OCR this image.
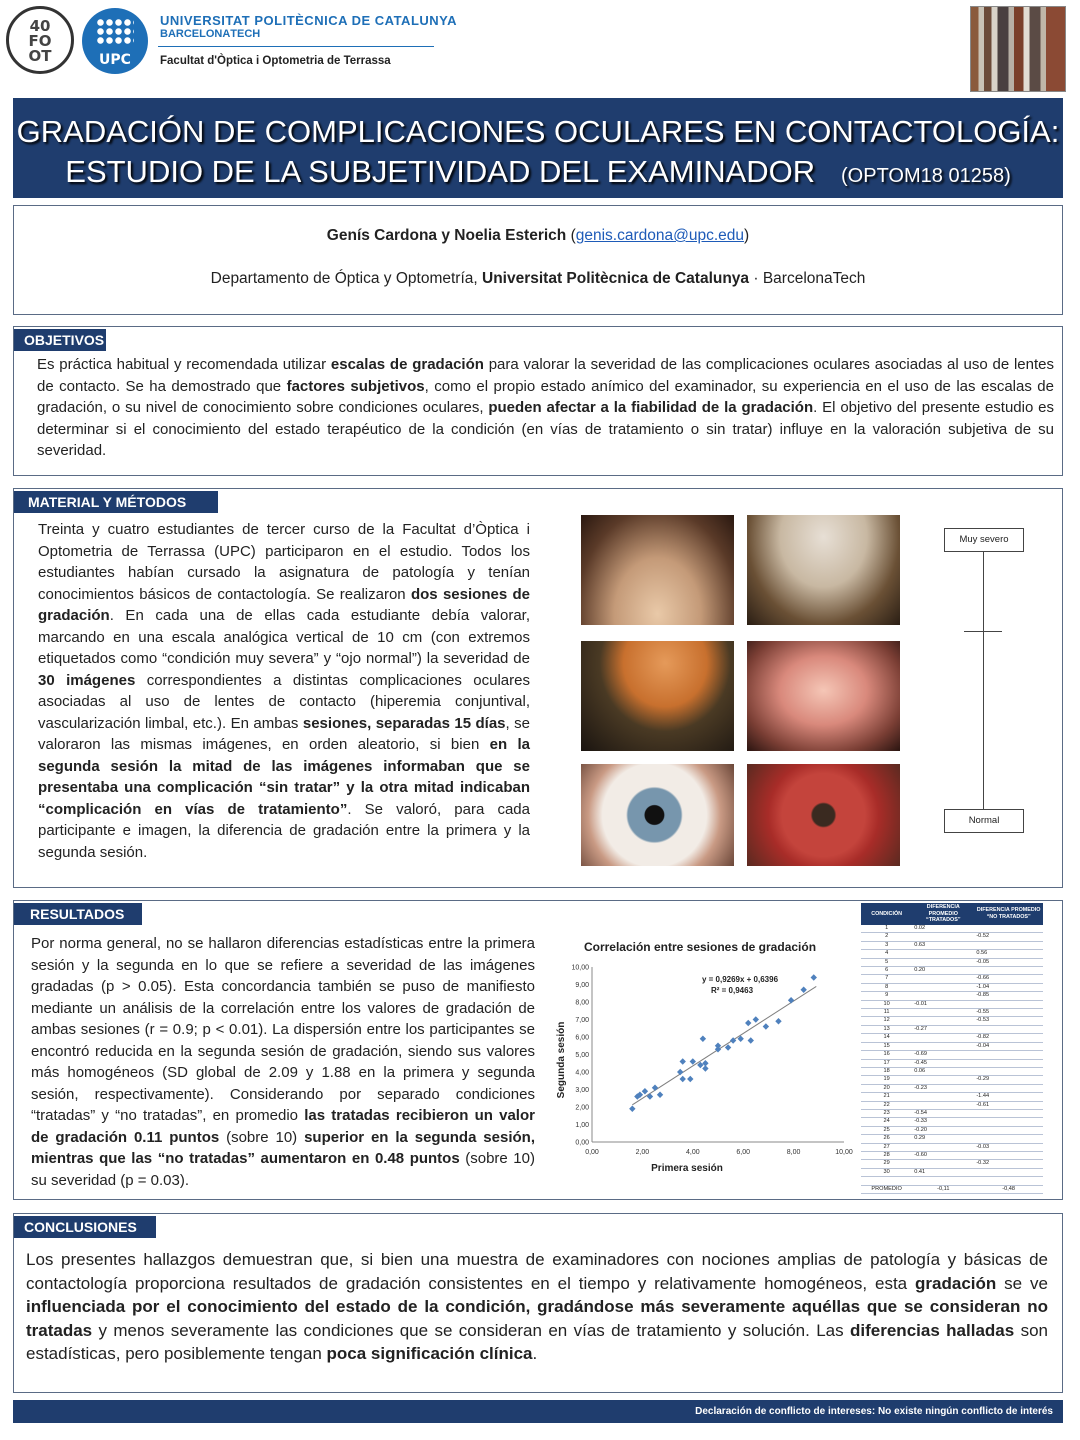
40
FO
OT	UPC
UNIVERSITAT POLITÈCNICA DE CATALUNYA
BARCELONATECH
Facultat d'Òptica i Optometria de Terrassa
GRADACIÓN DE COMPLICACIONES OCULARES EN CONTACTOLOGÍA:
ESTUDIO DE LA SUBJETIVIDAD DEL EXAMINADOR (OPTOM18 01258)
Genís Cardona y Noelia Esterich (genis.cardona@upc.edu)
Departamento de Óptica y Optometría, Universitat Politècnica de Catalunya · BarcelonaTech
OBJETIVOS
Es práctica habitual y recomendada utilizar escalas de gradación para valorar la severidad de las complicaciones oculares asociadas al uso de lentes de contacto. Se ha demostrado que factores subjetivos, como el propio estado anímico del examinador, su experiencia en el uso de las escalas de gradación, o su nivel de conocimiento sobre condiciones oculares, pueden afectar a la fiabilidad de la gradación. El objetivo del presente estudio es determinar si el conocimiento del estado terapéutico de la condición (en vías de tratamiento o sin tratar) influye en la valoración subjetiva de su severidad.
MATERIAL Y MÉTODOS
Treinta y cuatro estudiantes de tercer curso de la Facultat d’Òptica i Optometria de Terrassa (UPC) participaron en el estudio. Todos los estudiantes habían cursado la asignatura de patología y tenían conocimientos básicos de contactología. Se realizaron dos sesiones de gradación. En cada una de ellas cada estudiante debía valorar, marcando en una escala analógica vertical de 10 cm (con extremos etiquetados como “condición muy severa” y “ojo normal”) la severidad de 30 imágenes correspondientes a distintas complicaciones oculares asociadas al uso de lentes de contacto (hiperemia conjuntival, vascularización limbal, etc.). En ambas sesiones, separadas 15 días, se valoraron las mismas imágenes, en orden aleatorio, si bien en la segunda sesión la mitad de las imágenes informaban que se presentaba una complicación “sin tratar” y la otra mitad indicaban “complicación en vías de tratamiento”. Se valoró, para cada participante e imagen, la diferencia de gradación entre la primera y la segunda sesión.
Muy severo
Normal
RESULTADOS
Por norma general, no se hallaron diferencias estadísticas entre la primera sesión y la segunda en lo que se refiere a severidad de las imágenes gradadas (p > 0.05). Esta concordancia también se puso de manifiesto mediante un análisis de la correlación entre los valores de gradación de ambas sesiones (r = 0.9; p < 0.01). La dispersión entre los participantes se encontró reducida en la segunda sesión de gradación, siendo sus valores más homogéneos (SD global de 2.09 y 1.88 en la primera y segunda sesión, respectivamente). Considerando por separado condiciones “tratadas” y “no tratadas”, en promedio las tratadas recibieron un valor de gradación 0.11 puntos (sobre 10) superior en la segunda sesión, mientras que las “no tratadas” aumentaron en 0.48 puntos (sobre 10) su severidad (p = 0.03).
Correlación entre sesiones de gradación
Primera sesión
Segunda sesión
0,00	2,00	4,00	6,00	8,00	10,00
0,00
1,00
2,00
3,00
4,00
5,00
6,00
7,00
8,00
9,00
10,00
y = 0,9269x + 0,6396
R² = 0,9463
CONDICIÓN	DIFERENCIA PROMEDIO “TRATADOS”	DIFERENCIA PROMEDIO “NO TRATADOS”
1	0.02	
2		-0.52
3	0.63	
4		0.56
5		-0.05
6	0.20	
7		-0.66
8		-1.04
9		-0.85
10	-0.01	
11		-0.55
12		-0.53
13	-0.27	
14		-0.82
15		-0.04
16	-0.69	
17	-0.45	
18	0.06	
19		-0.29
20	-0.23	
21		-1.44
22		-0.61
23	-0.54	
24	-0.33	
25	-0.20	
26	0.29	
27		-0.03
28	-0.60	
29		-0.32
30	0.41	

PROMEDIO	-0,11	-0,48
CONCLUSIONES
Los presentes hallazgos demuestran que, si bien una muestra de examinadores con nociones amplias de patología y básicas de contactología proporciona resultados de gradación consistentes en el tiempo y relativamente homogéneos, esta gradación se ve influenciada por el conocimiento del estado de la condición, gradándose más severamente aquéllas que se consideran no tratadas y menos severamente las condiciones que se consideran en vías de tratamiento y solución. Las diferencias halladas son estadísticas, pero posiblemente tengan poca significación clínica.
Declaración de conflicto de intereses: No existe ningún conflicto de interés
